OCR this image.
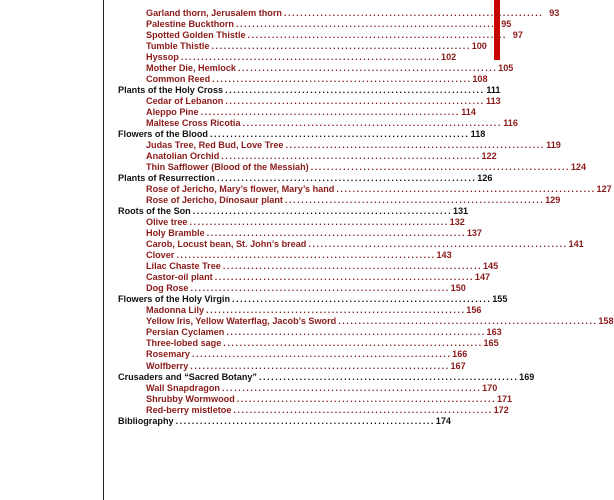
Garland thorn, Jerusalem thorn . . .	93
Palestine Buckthorn . . .	95
Spotted Golden Thistle . . .	97
Tumble Thistle . . .	100
Hyssop . . .	102
Mother Die, Hemlock . . .	105
Common Reed . . .	108
Plants of the Holy Cross . . .	111
Cedar of Lebanon . . .	113
Aleppo Pine . . .	114
Maltese Cross Ricotia . . .	116
Flowers of the Blood . . .	118
Judas Tree, Red Bud, Love Tree . . .	119
Anatolian Orchid . . .	122
Thin Safflower (Blood of the Messiah) . . .	124
Plants of Resurrection . . .	126
Rose of Jericho, Mary’s flower, Mary’s hand . . .	127
Rose of Jericho, Dinosaur plant . . .	129
Roots of the Son . . .	131
Olive tree . . .	132
Holy Bramble . . .	137
Carob, Locust bean, St. John’s bread . . .	141
Clover . . .	143
Lilac Chaste Tree . . .	145
Castor-oil plant . . .	147
Dog Rose . . .	150
Flowers of the Holy Virgin . . .	155
Madonna Lily . . .	156
Yellow Iris, Yellow Waterflag, Jacob’s Sword . . .	158
Persian Cyclamen . . .	163
Three-lobed sage . . .	165
Rosemary . . .	166
Wolfberry . . .	167
Crusaders and “Sacred Botany” . . .	169
Wall Snapdragon . . .	170
Shrubby Wormwood . . .	171
Red-berry mistletoe . . .	172
Bibliography . . .	174
